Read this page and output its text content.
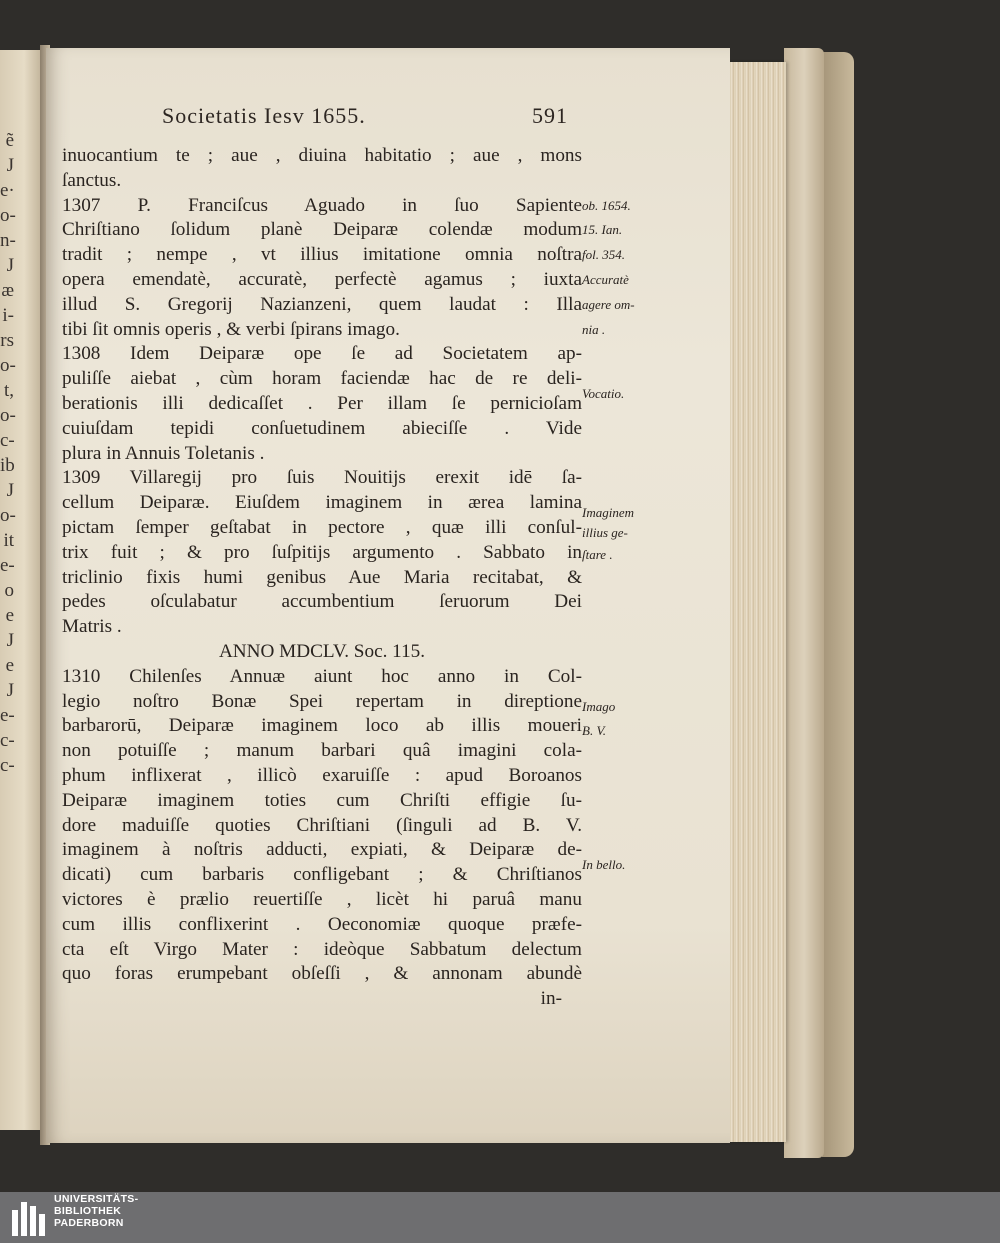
ẽ
J
e·
o-
n-
J
æ
i-
rs
o-
t,
o-
c-
ib
J
o-
it
e-
o
e
J
e
J
e-
c-
c-
Societatis Iesv 1655.	591
inuocantium te ; aue , diuina habitatio ; aue , mons
ſanctus.
1307 P. Franciſcus Aguado in ſuo Sapiente
Chriſtiano ſolidum planè Deiparæ colendæ modum
tradit ; nempe , vt illius imitatione omnia noſtra
opera emendatè, accuratè, perfectè agamus ; iuxta
illud S. Gregorij Nazianzeni, quem laudat : Illa
tibi ſit omnis operis , & verbi ſpirans imago.
1308 Idem Deiparæ ope ſe ad Societatem ap-
puliſſe aiebat , cùm horam faciendæ hac de re deli-
berationis illi dedicaſſet . Per illam ſe pernicioſam
cuiuſdam tepidi conſuetudinem abieciſſe . Vide
plura in Annuis Toletanis .
1309 Villaregij pro ſuis Nouitijs erexit idē ſa-
cellum Deiparæ. Eiuſdem imaginem in ærea lamina
pictam ſemper geſtabat in pectore , quæ illi conſul-
trix fuit ; & pro ſuſpitijs argumento . Sabbato in
triclinio fixis humi genibus Aue Maria recitabat, &
pedes oſculabatur accumbentium ſeruorum Dei
Matris .
ANNO MDCLV. Soc. 115.
1310 Chilenſes Annuæ aiunt hoc anno in Col-
legio noſtro Bonæ Spei repertam in direptione
barbarorū, Deiparæ imaginem loco ab illis moueri
non potuiſſe ; manum barbari quâ imagini cola-
phum inflixerat , illicò exaruiſſe : apud Boroanos
Deiparæ imaginem toties cum Chriſti effigie ſu-
dore maduiſſe quoties Chriſtiani (ſinguli ad B. V.
imaginem à noſtris adducti, expiati, & Deiparæ de-
dicati) cum barbaris confligebant ; & Chriſtianos
victores è prælio reuertiſſe , licèt hi paruâ manu
cum illis conflixerint . Oeconomiæ quoque præfe-
cta eſt Virgo Mater : ideòque Sabbatum delectum
quo foras erumpebant obſeſſi , & annonam abundè
in-
ob. 1654.
15. Ian.
fol. 354.
Accuratè
agere om-
nia .
Vocatio.
Imaginem
illius ge-
ſtare .
Imago
B. V.
In bello.
UNIVERSITÄTS-
BIBLIOTHEK
PADERBORN
